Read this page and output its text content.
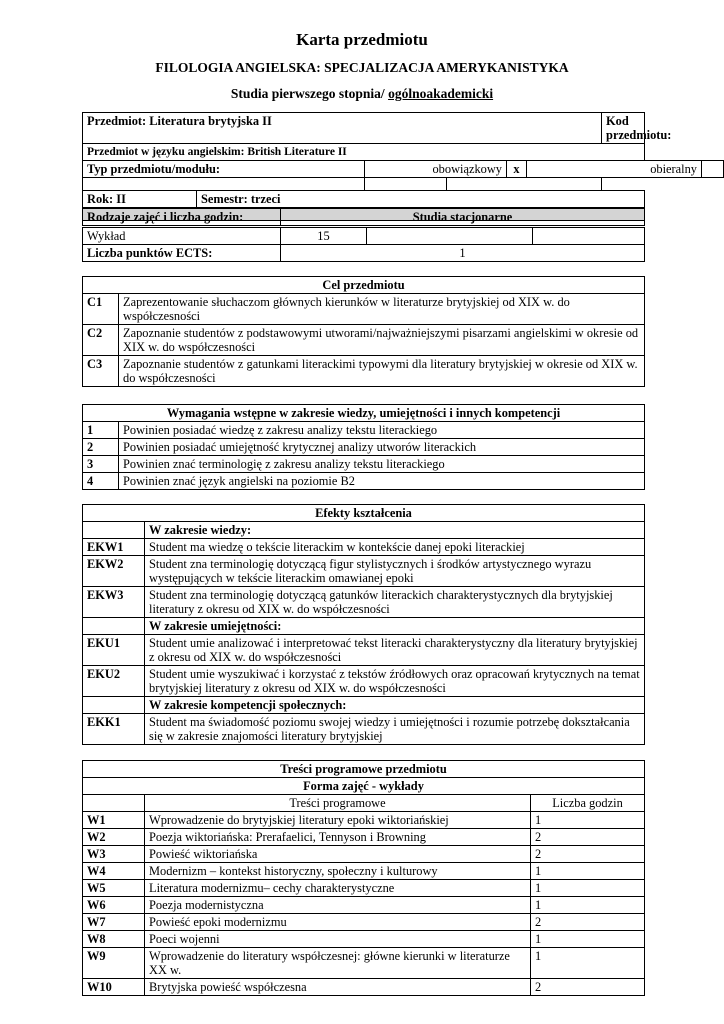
Karta przedmiotu
FILOLOGIA ANGIELSKA: SPECJALIZACJA AMERYKANISTYKA
Studia pierwszego stopnia/ ogólnoakademicki
Przedmiot: Literatura brytyjska II				Kod przedmiotu:
Przedmiot w języku angielskim: British Literature II				

Rok: II	Semestr: trzeci			

Typ przedmiotu/modułu:	obowiązkowy	x	obieralny	
Rodzaje zajęć i liczba godzin:	Studia stacjonarne		
Wykład	15		
Liczba punktów ECTS:	1		
Cel przedmiotu	
C1	Zaprezentowanie słuchaczom głównych kierunków w literaturze brytyjskiej od XIX w. do współczesności
C2	Zapoznanie studentów z podstawowymi utworami/najważniejszymi pisarzami angielskimi w okresie od XIX w. do współczesności
C3	Zapoznanie studentów z gatunkami literackimi typowymi dla literatury brytyjskiej w okresie od XIX w. do współczesności
Wymagania wstępne w zakresie wiedzy, umiejętności i innych kompetencji	
1	Powinien posiadać wiedzę z zakresu analizy tekstu literackiego
2	Powinien posiadać umiejętność krytycznej analizy utworów literackich
3	Powinien znać terminologię z zakresu analizy tekstu literackiego
4	Powinien znać język angielski na poziomie B2
Efekty kształcenia	
	W zakresie wiedzy:
EKW1	Student ma wiedzę o tekście literackim w kontekście danej epoki literackiej
EKW2	Student zna terminologię dotyczącą figur stylistycznych i środków artystycznego wyrazu występujących w tekście literackim omawianej epoki
EKW3	Student zna terminologię dotyczącą gatunków literackich charakterystycznych dla brytyjskiej literatury z okresu od XIX w. do współczesności
	W zakresie umiejętności:
EKU1	Student umie analizować i interpretować tekst literacki charakterystyczny dla literatury brytyjskiej z okresu od XIX w. do współczesności
EKU2	Student umie wyszukiwać i korzystać z tekstów źródłowych oraz opracowań krytycznych na temat brytyjskiej literatury z okresu od XIX w. do współczesności
	W zakresie kompetencji społecznych:
EKK1	Student ma świadomość poziomu swojej wiedzy i umiejętności i rozumie potrzebę dokształcania się w zakresie znajomości literatury brytyjskiej
Treści programowe przedmiotu		
Forma zajęć - wykłady		
	Treści programowe	Liczba godzin
W1	Wprowadzenie do brytyjskiej literatury epoki wiktoriańskiej	1
W2	Poezja wiktoriańska: Prerafaelici, Tennyson i Browning	2
W3	Powieść wiktoriańska	2
W4	Modernizm – kontekst historyczny, społeczny i kulturowy	1
W5	Literatura modernizmu– cechy charakterystyczne	1
W6	Poezja modernistyczna	1
W7	Powieść epoki modernizmu	2
W8	Poeci wojenni	1
W9	Wprowadzenie do literatury współczesnej: główne kierunki w literaturze XX w.	1
W10	Brytyjska powieść współczesna	2
